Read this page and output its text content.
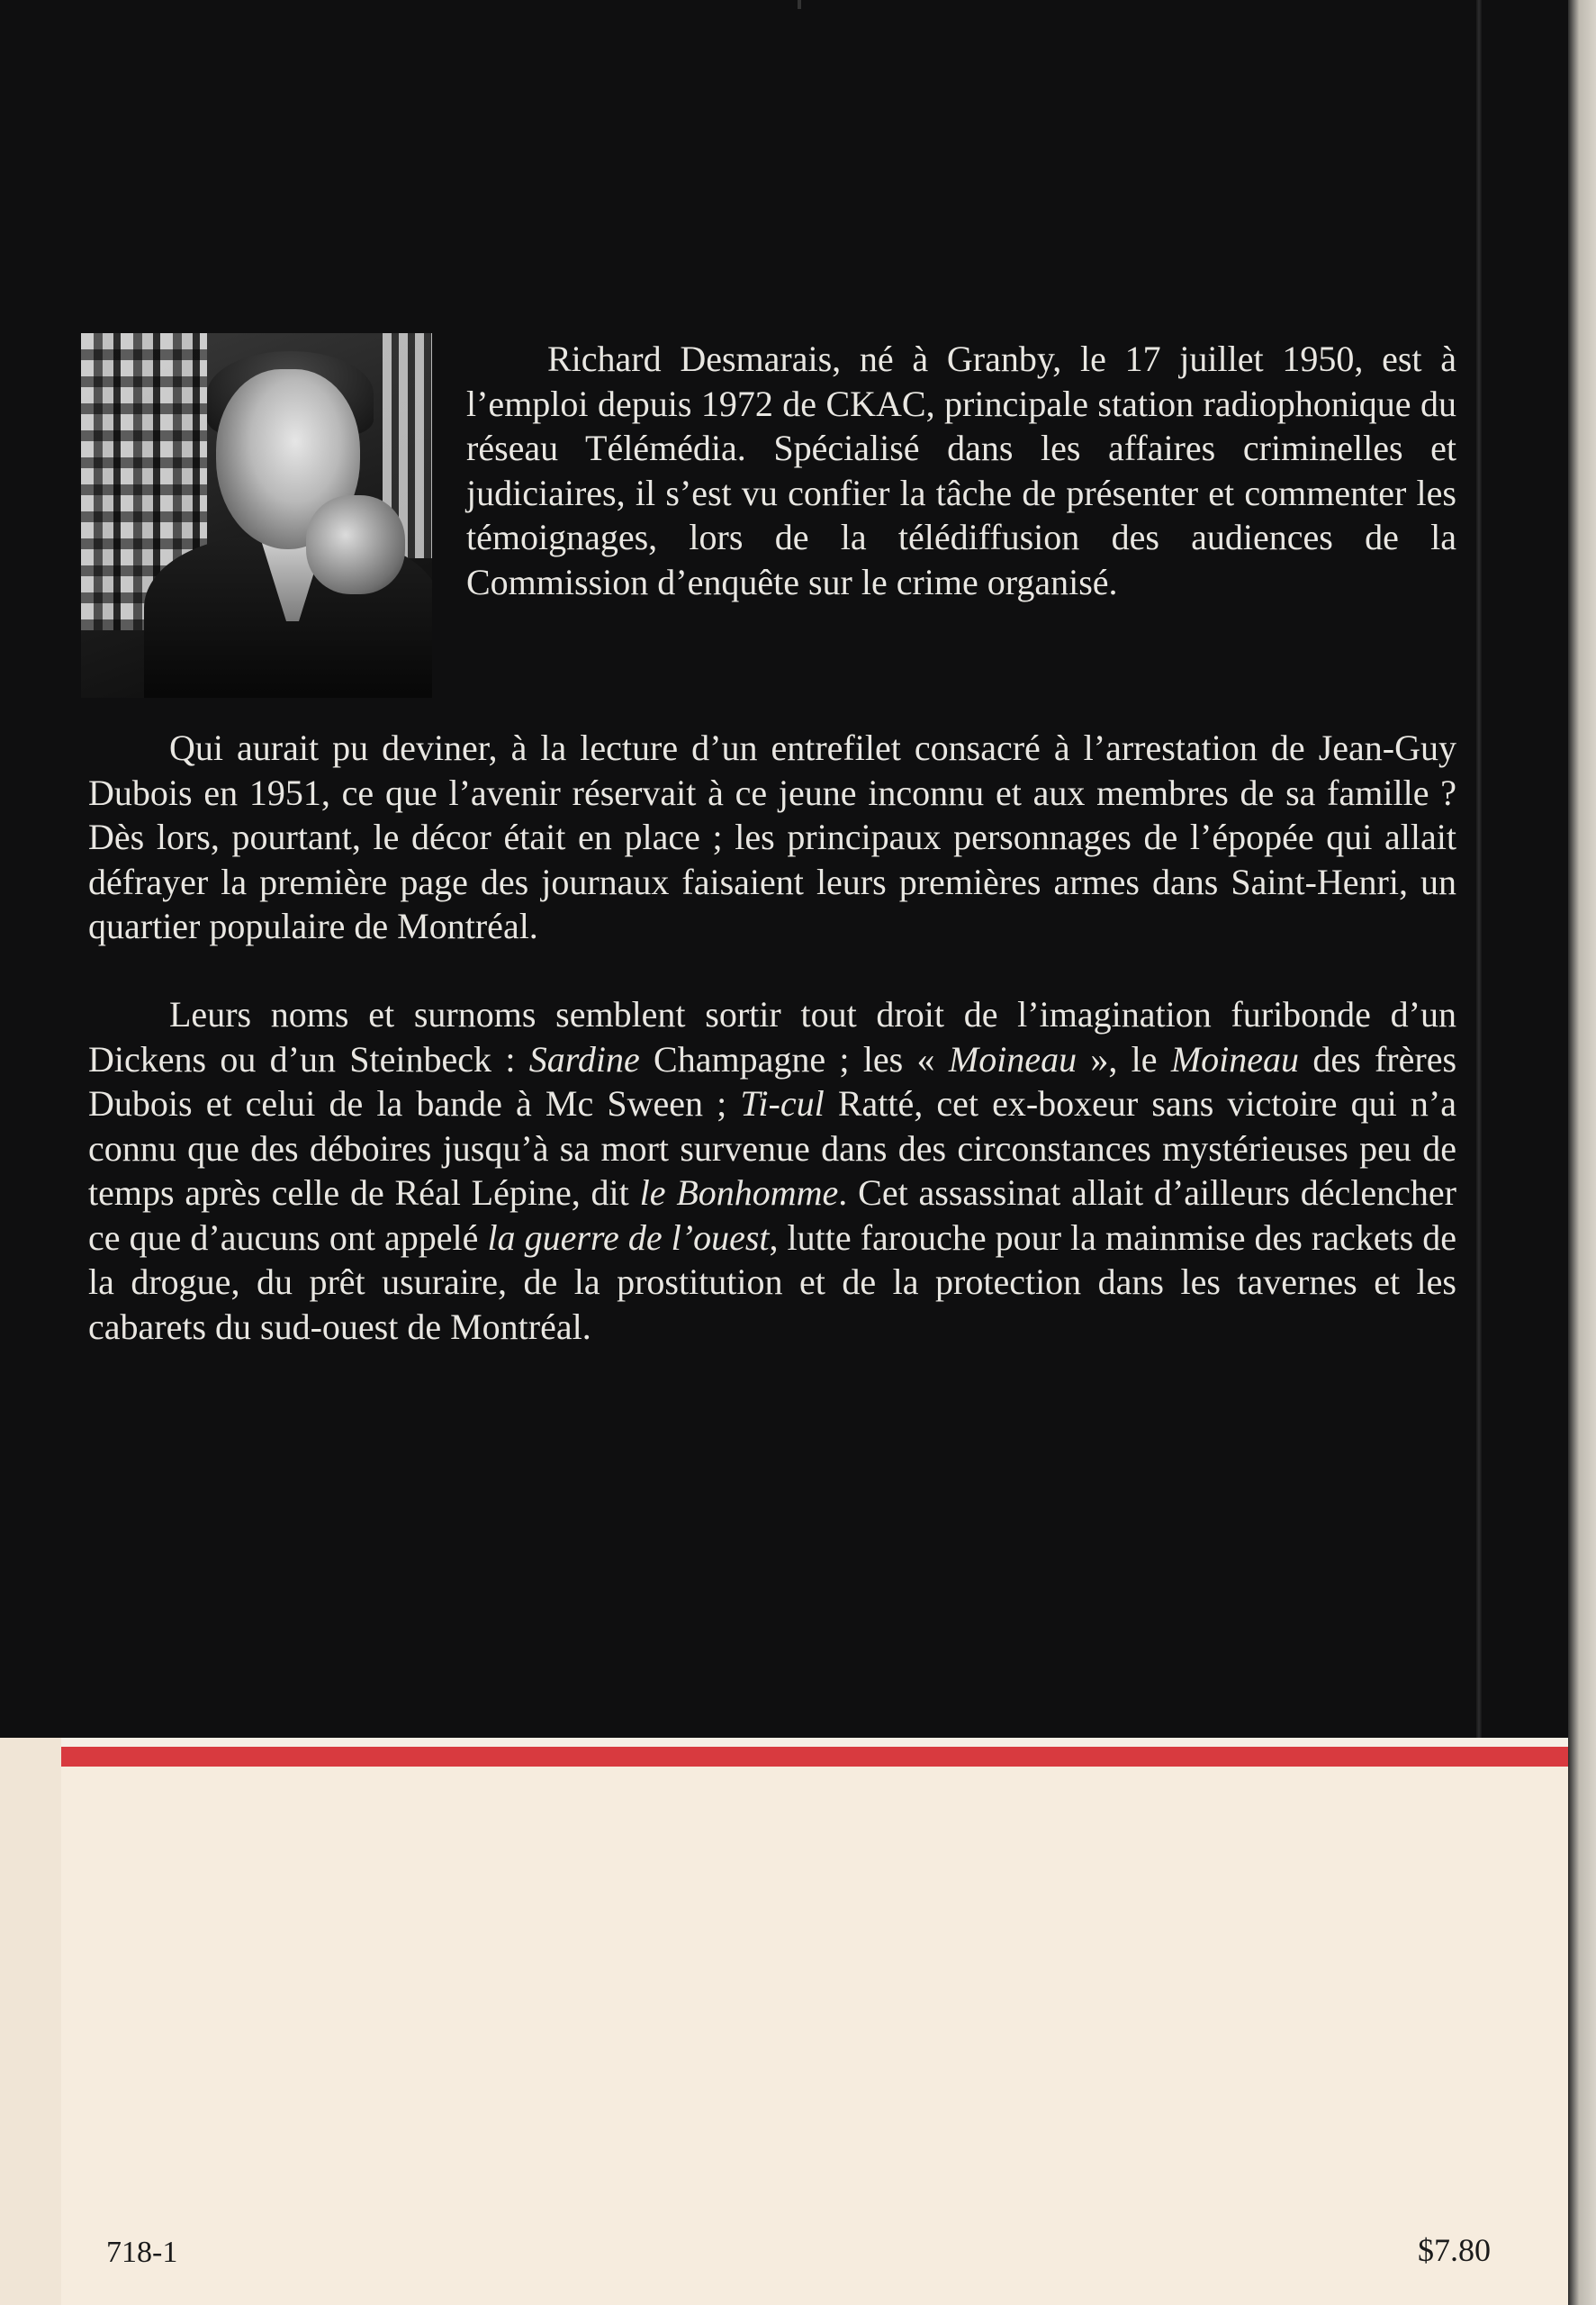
Richard Desmarais, né à Granby, le 17 juillet 1950, est à l’emploi depuis 1972 de CKAC, principale station radiophonique du réseau Télémédia. Spécialisé dans les affaires criminelles et judiciaires, il s’est vu confier la tâche de présenter et commenter les témoignages, lors de la télédiffusion des audiences de la Commission d’enquête sur le crime organisé.

Qui aurait pu deviner, à la lecture d’un entrefilet consacré à l’arrestation de Jean-Guy Dubois en 1951, ce que l’avenir réservait à ce jeune inconnu et aux membres de sa famille ? Dès lors, pourtant, le décor était en place ; les principaux personnages de l’épopée qui allait défrayer la première page des journaux faisaient leurs premières armes dans Saint-Henri, un quartier populaire de Montréal.

Leurs noms et surnoms semblent sortir tout droit de l’imagination furibonde d’un Dickens ou d’un Steinbeck : Sardine Champagne ; les « Moineau », le Moineau des frères Dubois et celui de la bande à Mc Sween ; Ti-cul Ratté, cet ex-boxeur sans victoire qui n’a connu que des déboires jusqu’à sa mort survenue dans des circonstances mystérieuses peu de temps après celle de Réal Lépine, dit le Bonhomme. Cet assassinat allait d’ailleurs déclencher ce que d’aucuns ont appelé la guerre de l’ouest, lutte farouche pour la mainmise des rackets de la drogue, du prêt usuraire, de la prostitution et de la protection dans les tavernes et les cabarets du sud-ouest de Montréal.

718-1	$7.80
